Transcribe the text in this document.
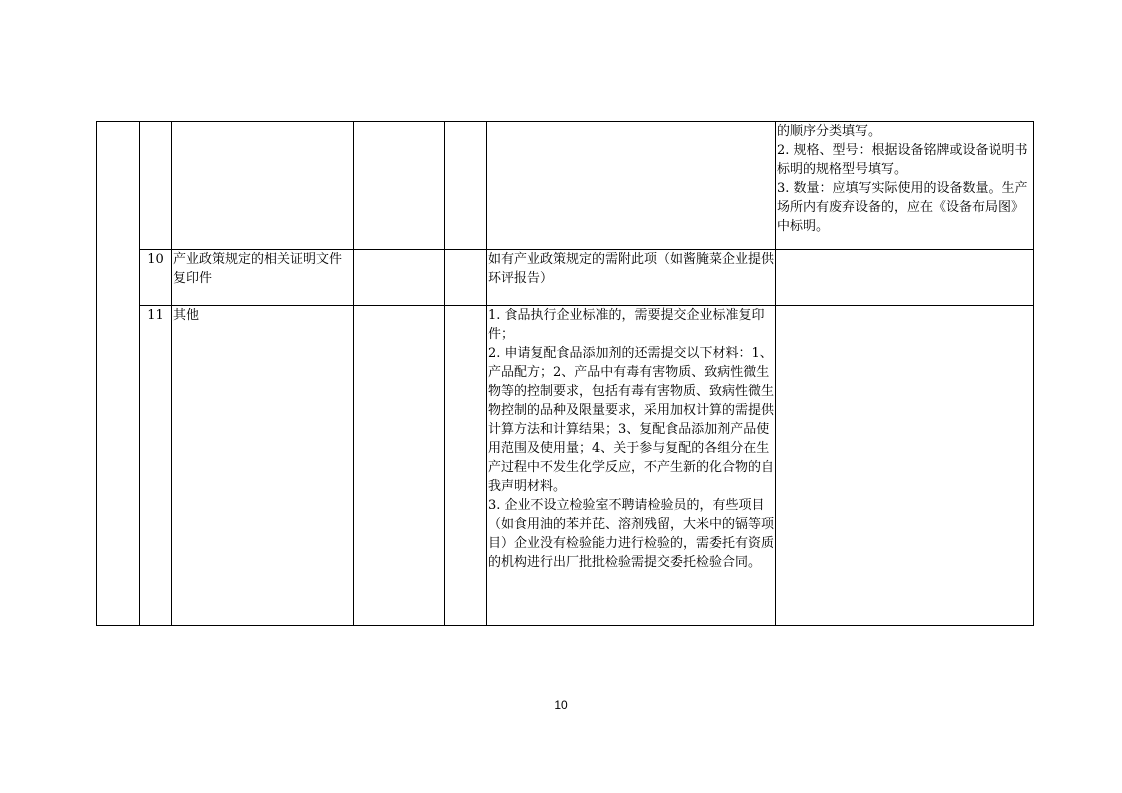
						的顺序分类填写。
2. 规格、型号：根据设备铭牌或设备说明书标明的规格型号填写。
3. 数量：应填写实际使用的设备数量。生产场所内有废弃设备的，应在《设备布局图》中标明。

	10	产业政策规定的相关证明文件复印件			如有产业政策规定的需附此项（如酱腌菜企业提供环评报告）	
	11	其他			1. 食品执行企业标准的，需要提交企业标准复印件；
2. 申请复配食品添加剂的还需提交以下材料：1、产品配方；2、产品中有毒有害物质、致病性微生物等的控制要求，包括有毒有害物质、致病性微生物控制的品种及限量要求，采用加权计算的需提供计算方法和计算结果；3、复配食品添加剂产品使用范围及使用量；4、关于参与复配的各组分在生产过程中不发生化学反应，不产生新的化合物的自我声明材料。
3. 企业不设立检验室不聘请检验员的，有些项目（如食用油的苯并芘、溶剂残留，大米中的镉等项目）企业没有检验能力进行检验的，需委托有资质的机构进行出厂批批检验需提交委托检验合同。	

10
